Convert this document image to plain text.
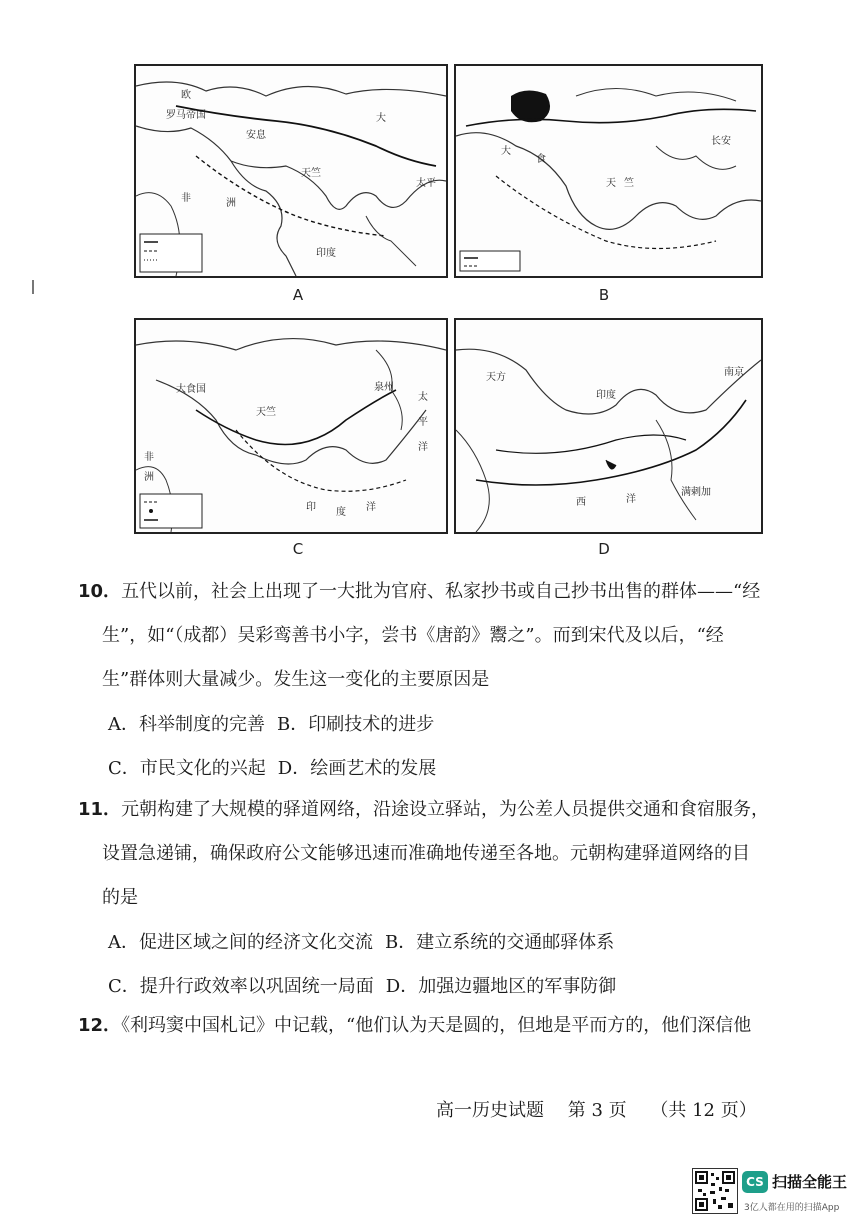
欧
罗马帝国
安息
天竺
大
太平
印度
非	洲
A
大
食
天 竺
长安
B
大食国
天竺
泉州
太
平
洋
印 度 洋
非
洲
C
天方
印度
西	洋
南京
满剌加
D
10．五代以前，社会上出现了一大批为官府、私家抄书或自己抄书出售的群体——“经
生”，如“（成都）吴彩鸾善书小字，尝书《唐韵》鬻之”。而到宋代及以后，“经
生”群体则大量减少。发生这一变化的主要原因是
A．科举制度的完善 B．印刷技术的进步
C．市民文化的兴起 D．绘画艺术的发展
11．元朝构建了大规模的驿道网络，沿途设立驿站，为公差人员提供交通和食宿服务，
设置急递铺，确保政府公文能够迅速而准确地传递至各地。元朝构建驿道网络的目
的是
A．促进区域之间的经济文化交流 B．建立系统的交通邮驿体系
C．提升行政效率以巩固统一局面 D．加强边疆地区的军事防御
12．《利玛窦中国札记》中记载，“他们认为天是圆的，但地是平而方的，他们深信他
高一历史试题 第 3 页 （共 12 页）
CS 扫描全能王
3亿人都在用的扫描App
